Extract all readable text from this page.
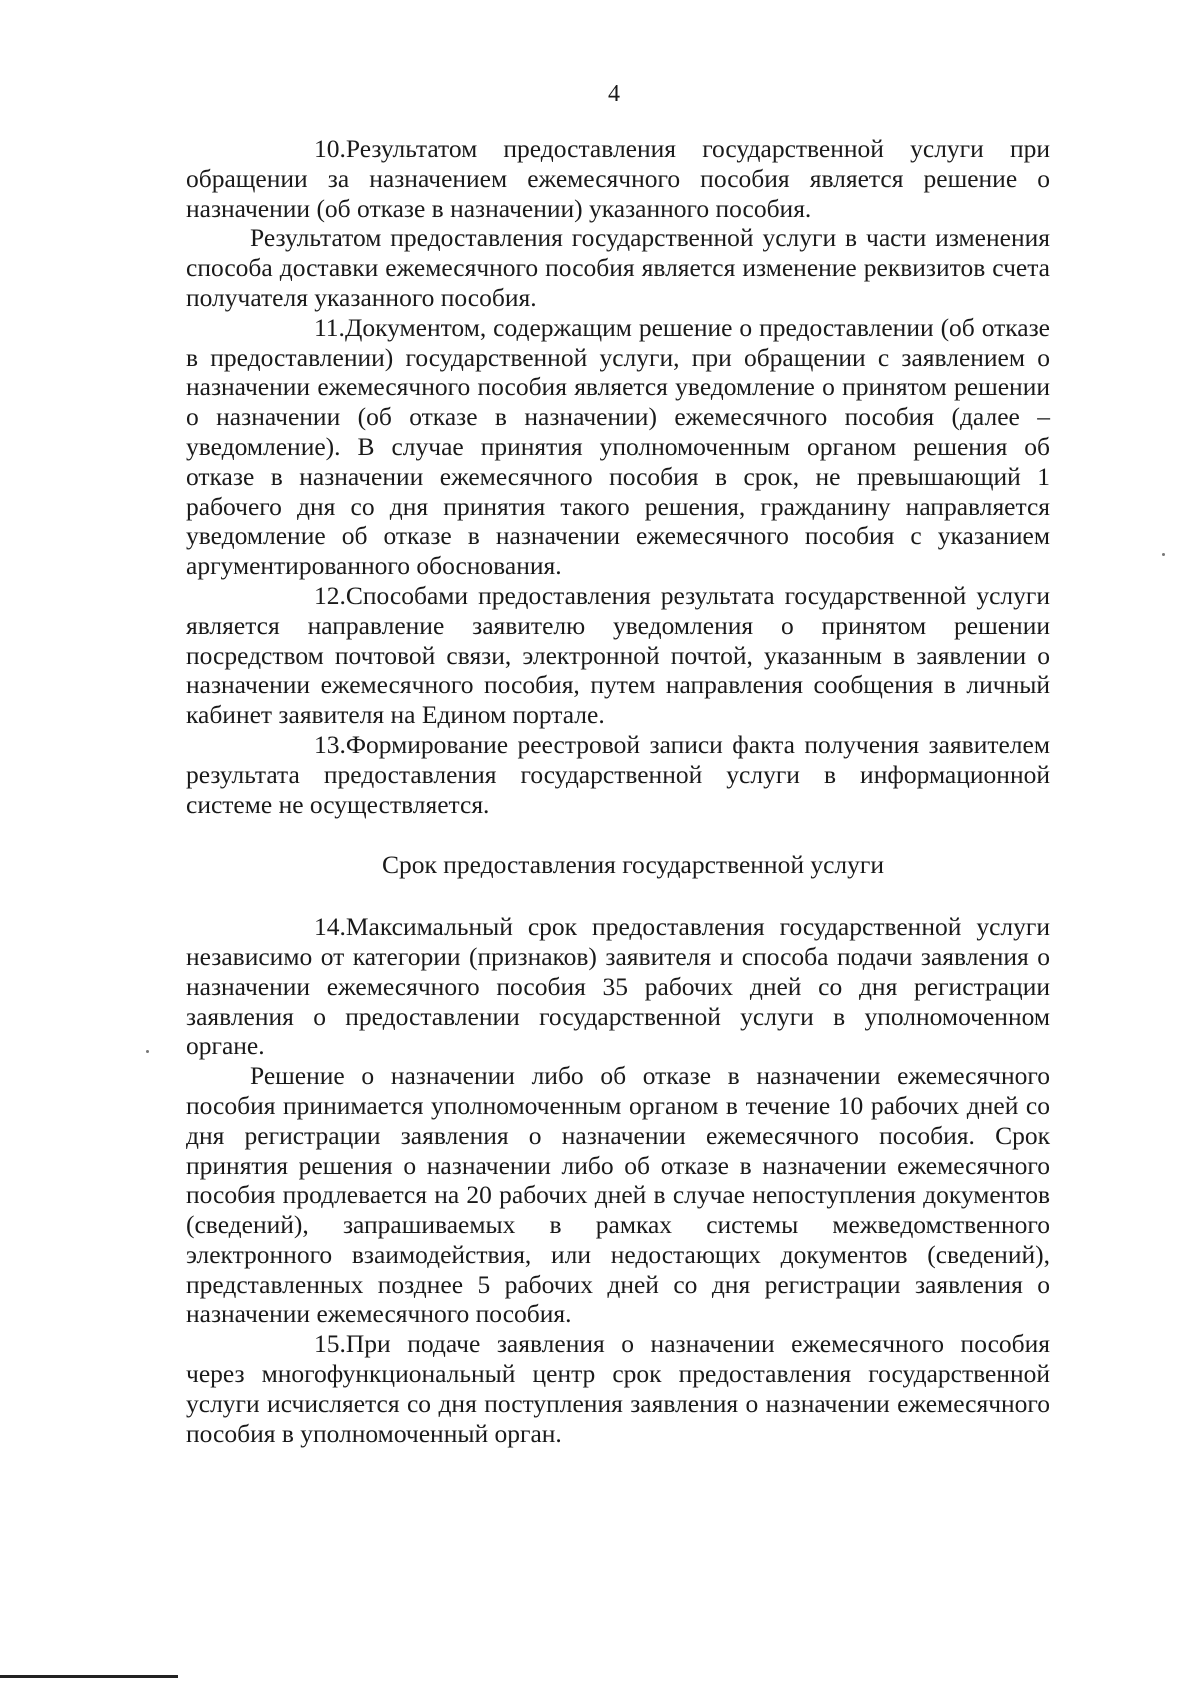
4

10.Результатом предоставления государственной услуги при обращении за назначением ежемесячного пособия является решение о назначении (об отказе в назначении) указанного пособия.

Результатом предоставления государственной услуги в части изменения способа доставки ежемесячного пособия является изменение реквизитов счета получателя указанного пособия.

11.Документом, содержащим решение о предоставлении (об отказе в предоставлении) государственной услуги, при обращении с заявлением о назначении ежемесячного пособия является уведомление о принятом решении о назначении (об отказе в назначении) ежемесячного пособия (далее – уведомление). В случае принятия уполномоченным органом решения об отказе в назначении ежемесячного пособия в срок, не превышающий 1 рабочего дня со дня принятия такого решения, гражданину направляется уведомление об отказе в назначении ежемесячного пособия с указанием аргументированного обоснования.

12.Способами предоставления результата государственной услуги является направление заявителю уведомления о принятом решении посредством почтовой связи, электронной почтой, указанным в заявлении о назначении ежемесячного пособия, путем направления сообщения в личный кабинет заявителя на Едином портале.

13.Формирование реестровой записи факта получения заявителем результата предоставления государственной услуги в информационной системе не осуществляется.

Срок предоставления государственной услуги

14.Максимальный срок предоставления государственной услуги независимо от категории (признаков) заявителя и способа подачи заявления о назначении ежемесячного пособия 35 рабочих дней со дня регистрации заявления о предоставлении государственной услуги в уполномоченном органе.

Решение о назначении либо об отказе в назначении ежемесячного пособия принимается уполномоченным органом в течение 10 рабочих дней со дня регистрации заявления о назначении ежемесячного пособия. Срок принятия решения о назначении либо об отказе в назначении ежемесячного пособия продлевается на 20 рабочих дней в случае непоступления документов (сведений), запрашиваемых в рамках системы межведомственного электронного взаимодействия, или недостающих документов (сведений), представленных позднее 5 рабочих дней со дня регистрации заявления о назначении ежемесячного пособия.

15.При подаче заявления о назначении ежемесячного пособия через многофункциональный центр срок предоставления государственной услуги исчисляется со дня поступления заявления о назначении ежемесячного пособия в уполномоченный орган.
